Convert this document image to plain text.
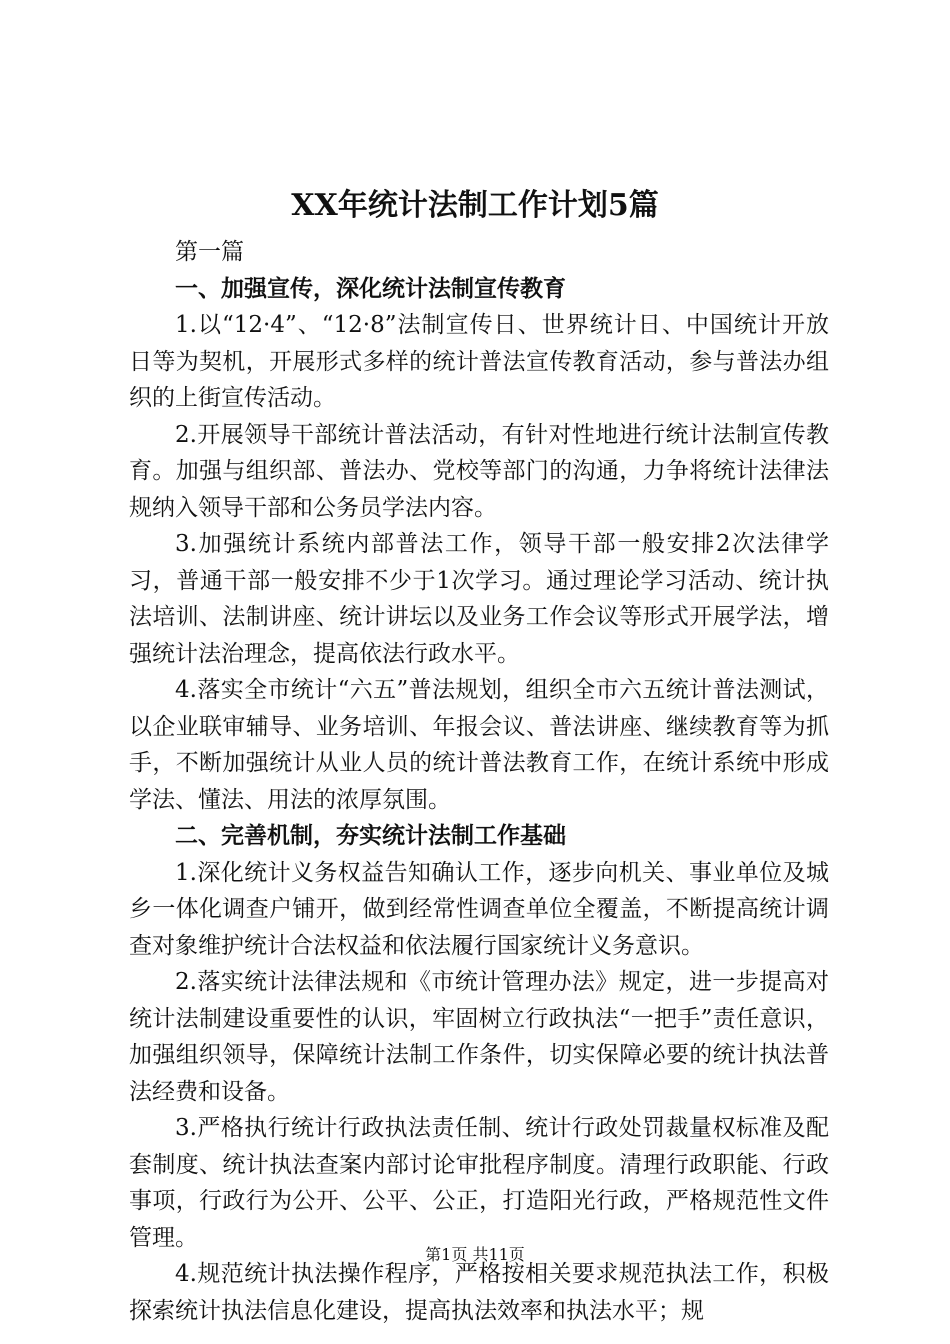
XX年统计法制工作计划5篇

第一篇

一、加强宣传，深化统计法制宣传教育

1.以“12·4”、“12·8”法制宣传日、世界统计日、中国统计开放日等为契机，开展形式多样的统计普法宣传教育活动，参与普法办组织的上街宣传活动。

2.开展领导干部统计普法活动，有针对性地进行统计法制宣传教育。加强与组织部、普法办、党校等部门的沟通，力争将统计法律法规纳入领导干部和公务员学法内容。

3.加强统计系统内部普法工作，领导干部一般安排2次法律学习，普通干部一般安排不少于1次学习。通过理论学习活动、统计执法培训、法制讲座、统计讲坛以及业务工作会议等形式开展学法，增强统计法治理念，提高依法行政水平。

4.落实全市统计“六五”普法规划，组织全市六五统计普法测试，以企业联审辅导、业务培训、年报会议、普法讲座、继续教育等为抓手，不断加强统计从业人员的统计普法教育工作，在统计系统中形成学法、懂法、用法的浓厚氛围。

二、完善机制，夯实统计法制工作基础

1.深化统计义务权益告知确认工作，逐步向机关、事业单位及城乡一体化调查户铺开，做到经常性调查单位全覆盖，不断提高统计调查对象维护统计合法权益和依法履行国家统计义务意识。

2.落实统计法律法规和《市统计管理办法》规定，进一步提高对统计法制建设重要性的认识，牢固树立行政执法“一把手”责任意识，加强组织领导，保障统计法制工作条件，切实保障必要的统计执法普法经费和设备。

3.严格执行统计行政执法责任制、统计行政处罚裁量权标准及配套制度、统计执法查案内部讨论审批程序制度。清理行政职能、行政事项，行政行为公开、公平、公正，打造阳光行政，严格规范性文件管理。

4.规范统计执法操作程序，严格按相关要求规范执法工作，积极探索统计执法信息化建设，提高执法效率和执法水平；规

第1页 共11页
